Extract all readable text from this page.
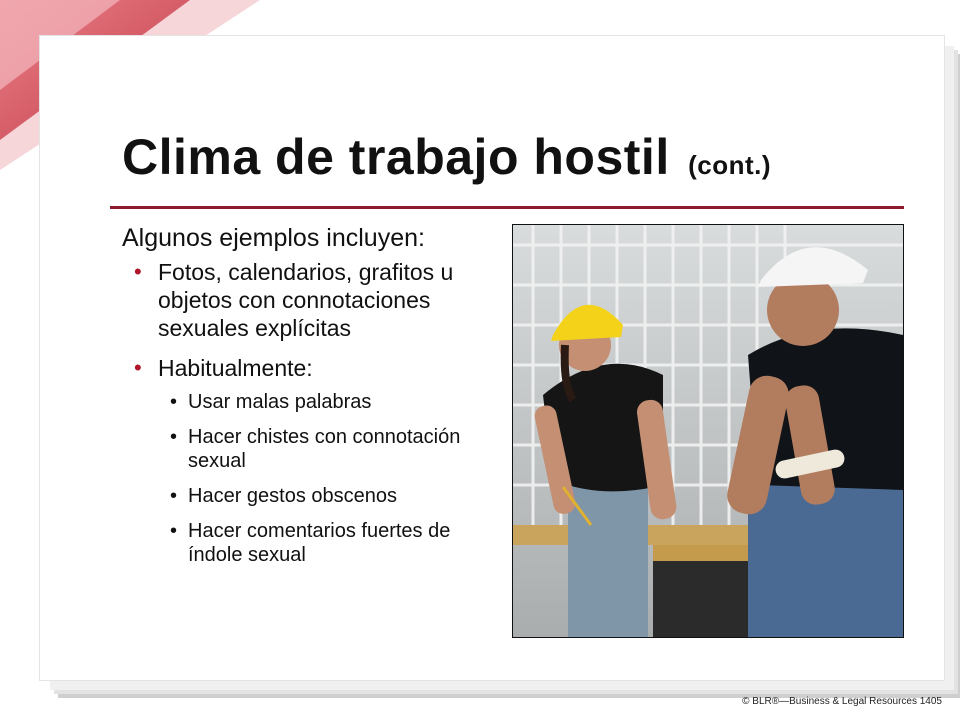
Clima de trabajo hostil (cont.)

Algunos ejemplos incluyen:

• Fotos, calendarios, grafitos u objetos con connotaciones sexuales explícitas
• Habitualmente:
• Usar malas palabras
• Hacer chistes con connotación sexual
• Hacer gestos obscenos
• Hacer comentarios fuertes de índole sexual

© BLR®—Business & Legal Resources 1405
